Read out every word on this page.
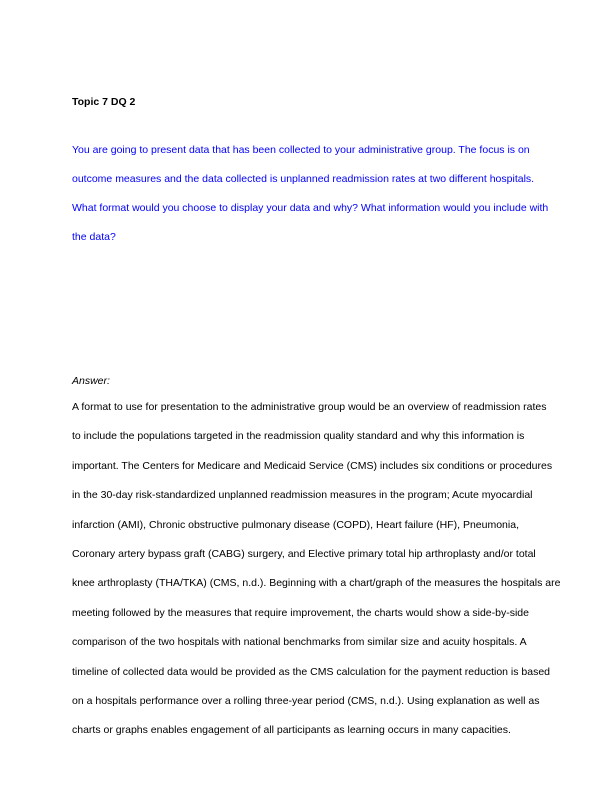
Topic 7 DQ 2
You are going to present data that has been collected to your administrative group. The focus is on
outcome measures and the data collected is unplanned readmission rates at two different hospitals.
What format would you choose to display your data and why? What information would you include with
the data?
Answer:
A format to use for presentation to the administrative group would be an overview of readmission rates
to include the populations targeted in the readmission quality standard and why this information is
important. The Centers for Medicare and Medicaid Service (CMS) includes six conditions or procedures
in the 30-day risk-standardized unplanned readmission measures in the program; Acute myocardial
infarction (AMI), Chronic obstructive pulmonary disease (COPD), Heart failure (HF), Pneumonia,
Coronary artery bypass graft (CABG) surgery, and Elective primary total hip arthroplasty and/or total
knee arthroplasty (THA/TKA) (CMS, n.d.). Beginning with a chart/graph of the measures the hospitals are
meeting followed by the measures that require improvement, the charts would show a side-by-side
comparison of the two hospitals with national benchmarks from similar size and acuity hospitals. A
timeline of collected data would be provided as the CMS calculation for the payment reduction is based
on a hospitals performance over a rolling three-year period (CMS, n.d.). Using explanation as well as
charts or graphs enables engagement of all participants as learning occurs in many capacities.
